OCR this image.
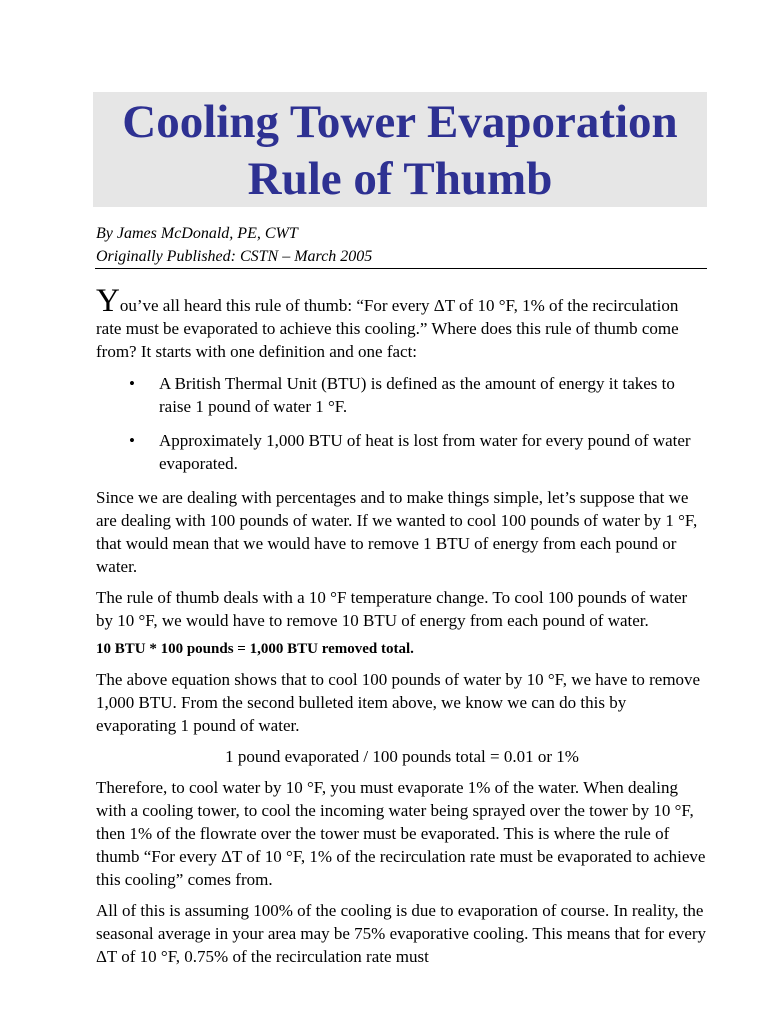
Cooling Tower Evaporation
Rule of Thumb
By James McDonald, PE, CWT
Originally Published: CSTN – March 2005

You’ve all heard this rule of thumb: “For every ΔT of 10 °F, 1% of the recirculation rate must be evaporated to achieve this cooling.” Where does this rule of thumb come from? It starts with one definition and one fact:

• A British Thermal Unit (BTU) is defined as the amount of energy it takes to raise 1 pound of water 1 °F.
• Approximately 1,000 BTU of heat is lost from water for every pound of water evaporated.

Since we are dealing with percentages and to make things simple, let’s suppose that we are dealing with 100 pounds of water. If we wanted to cool 100 pounds of water by 1 °F, that would mean that we would have to remove 1 BTU of energy from each pound or water.

The rule of thumb deals with a 10 °F temperature change. To cool 100 pounds of water by 10 °F, we would have to remove 10 BTU of energy from each pound of water.

10 BTU * 100 pounds = 1,000 BTU removed total.

The above equation shows that to cool 100 pounds of water by 10 °F, we have to remove 1,000 BTU. From the second bulleted item above, we know we can do this by evaporating 1 pound of water.

1 pound evaporated / 100 pounds total = 0.01 or 1%

Therefore, to cool water by 10 °F, you must evaporate 1% of the water. When dealing with a cooling tower, to cool the incoming water being sprayed over the tower by 10 °F, then 1% of the flowrate over the tower must be evaporated. This is where the rule of thumb “For every ΔT of 10 °F, 1% of the recirculation rate must be evaporated to achieve this cooling” comes from.

All of this is assuming 100% of the cooling is due to evaporation of course. In reality, the seasonal average in your area may be 75% evaporative cooling. This means that for every ΔT of 10 °F, 0.75% of the recirculation rate must
